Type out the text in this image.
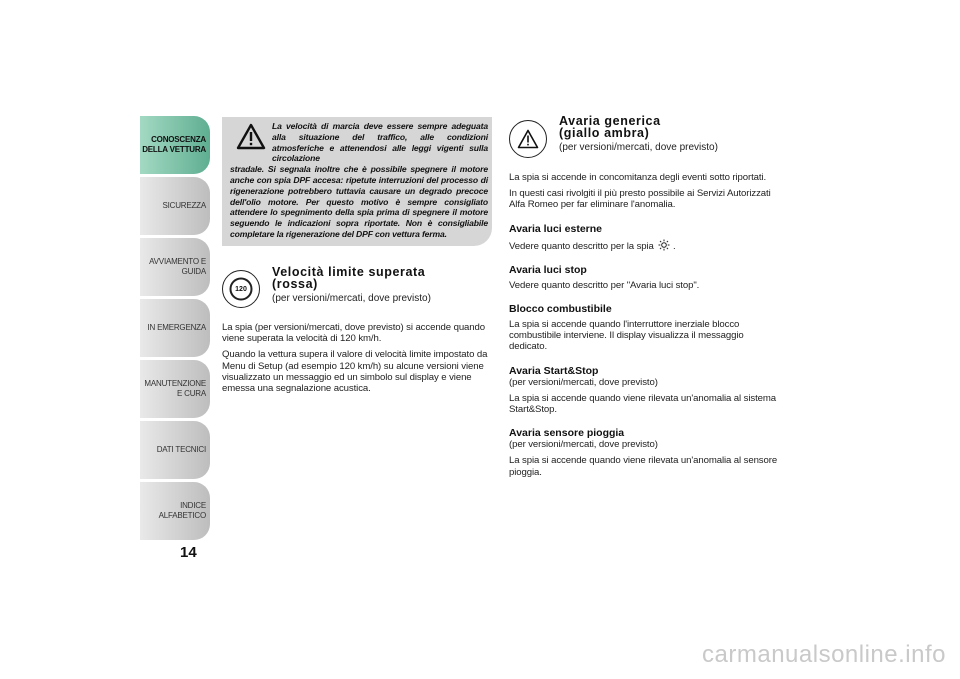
CONOSCENZA DELLA VETTURA
SICUREZZA
AVVIAMENTO E GUIDA
IN EMERGENZA
MANUTENZIONE E CURA
DATI TECNICI
INDICE ALFABETICO
14
La velocità di marcia deve essere sempre adeguata alla situazione del traffico, alle condizioni atmosferiche e attenendosi alle leggi vigenti sulla circolazione
stradale. Si segnala inoltre che è possibile spegnere il motore anche con spia DPF accesa: ripetute interruzioni del processo di rigenerazione potrebbero tuttavia causare un degrado precoce dell'olio motore. Per questo motivo è sempre consigliato attendere lo spegnimento della spia prima di spegnere il motore seguendo le indicazioni sopra riportate. Non è consigliabile completare la rigenerazione del DPF con vettura ferma.
120
Velocità limite superata
(rossa)
(per versioni/mercati, dove previsto)

La spia (per versioni/mercati, dove previsto) si accende quando viene superata la velocità di 120 km/h.

Quando la vettura supera il valore di velocità limite impostato da Menu di Setup (ad esempio 120 km/h) su alcune versioni viene visualizzato un messaggio ed un simbolo sul display e viene emessa una segnalazione acustica.

Avaria generica
(giallo ambra)
(per versioni/mercati, dove previsto)

La spia si accende in concomitanza degli eventi sotto riportati.

In questi casi rivolgiti il più presto possibile ai Servizi Autorizzati Alfa Romeo per far eliminare l'anomalia.

Avaria luci esterne

Vedere quanto descritto per la spia .

Avaria luci stop

Vedere quanto descritto per "Avaria luci stop".

Blocco combustibile

La spia si accende quando l'interruttore inerziale blocco combustibile interviene. Il display visualizza il messaggio dedicato.

Avaria Start&Stop

(per versioni/mercati, dove previsto)

La spia si accende quando viene rilevata un'anomalia al sistema Start&Stop.

Avaria sensore pioggia

(per versioni/mercati, dove previsto)

La spia si accende quando viene rilevata un'anomalia al sensore pioggia.

carmanualsonline.info
